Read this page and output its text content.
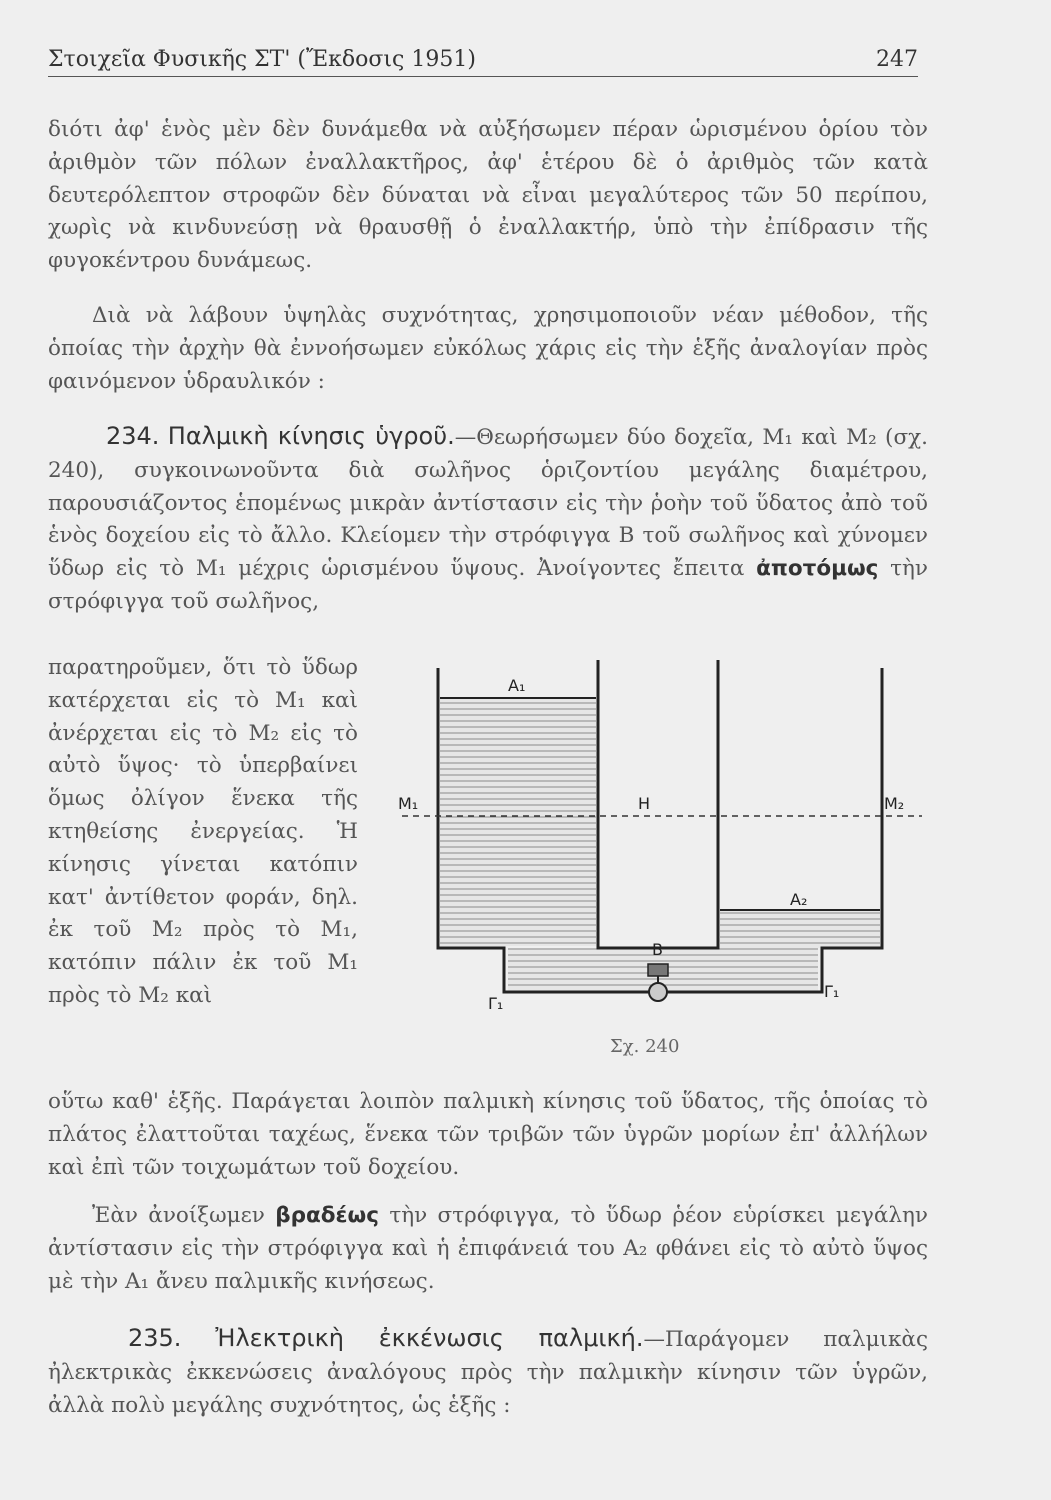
Στοιχεῖα Φυσικῆς ΣΤ' (Ἔκδοσις 1951)	247

διότι ἀφ' ἑνὸς μὲν δὲν δυνάμεθα νὰ αὐξήσωμεν πέραν ὡρισμένου ὁρίου τὸν ἀριθμὸν τῶν πόλων ἐναλλακτῆρος, ἀφ' ἑτέρου δὲ ὁ ἀριθμὸς τῶν κατὰ δευτερόλεπτον στροφῶν δὲν δύναται νὰ εἶναι μεγαλύτερος τῶν 50 περίπου, χωρὶς νὰ κινδυνεύσῃ νὰ θραυσθῇ ὁ ἐναλλακτήρ, ὑπὸ τὴν ἐπίδρασιν τῆς φυγοκέντρου δυνάμεως.

Διὰ νὰ λάβουν ὑψηλὰς συχνότητας, χρησιμοποιοῦν νέαν μέθοδον, τῆς ὁποίας τὴν ἀρχὴν θὰ ἐννοήσωμεν εὐκόλως χάρις εἰς τὴν ἑξῆς ἀναλογίαν πρὸς φαινόμενον ὑδραυλικόν :

234. Παλμικὴ κίνησις ὑγροῦ.—Θεωρήσωμεν δύο δοχεῖα, M₁ καὶ M₂ (σχ. 240), συγκοινωνοῦντα διὰ σωλῆνος ὁριζοντίου μεγάλης διαμέτρου, παρουσιάζοντος ἑπομένως μικρὰν ἀντίστασιν εἰς τὴν ῥοὴν τοῦ ὕδατος ἀπὸ τοῦ ἑνὸς δοχείου εἰς τὸ ἄλλο. Κλείομεν τὴν στρόφιγγα B τοῦ σωλῆνος καὶ χύνομεν ὕδωρ εἰς τὸ M₁ μέχρις ὡρισμένου ὕψους. Ἀνοίγοντες ἔπειτα ἀποτόμως τὴν στρόφιγγα τοῦ σωλῆνος,

παρατηροῦμεν, ὅτι τὸ ὕδωρ κατέρχεται εἰς τὸ M₁ καὶ ἀνέρχεται εἰς τὸ M₂ εἰς τὸ αὐτὸ ὕψος· τὸ ὑπερβαίνει ὅμως ὀλίγον ἕνεκα τῆς κτηθείσης ἐνεργείας. Ἡ κίνησις γίνεται κατόπιν κατ' ἀντίθετον φοράν, δηλ. ἐκ τοῦ M₂ πρὸς τὸ M₁, κατόπιν πάλιν ἐκ τοῦ M₁ πρὸς τὸ M₂ καὶ

A₁
M₁	H	M₂
A₂
B
Γ₁
Γ₁
Σχ. 240

οὕτω καθ' ἑξῆς. Παράγεται λοιπὸν παλμικὴ κίνησις τοῦ ὕδατος, τῆς ὁποίας τὸ πλάτος ἐλαττοῦται ταχέως, ἕνεκα τῶν τριβῶν τῶν ὑγρῶν μορίων ἐπ' ἀλλήλων καὶ ἐπὶ τῶν τοιχωμάτων τοῦ δοχείου.

Ἐὰν ἀνοίξωμεν βραδέως τὴν στρόφιγγα, τὸ ὕδωρ ῥέον εὑρίσκει μεγάλην ἀντίστασιν εἰς τὴν στρόφιγγα καὶ ἡ ἐπιφάνειά του A₂ φθάνει εἰς τὸ αὐτὸ ὕψος μὲ τὴν A₁ ἄνευ παλμικῆς κινήσεως.

235. Ἠλεκτρικὴ ἐκκένωσις παλμική.—Παράγομεν παλμικὰς ἠλεκτρικὰς ἐκκενώσεις ἀναλόγους πρὸς τὴν παλμικὴν κίνησιν τῶν ὑγρῶν, ἀλλὰ πολὺ μεγάλης συχνότητος, ὡς ἑξῆς :
